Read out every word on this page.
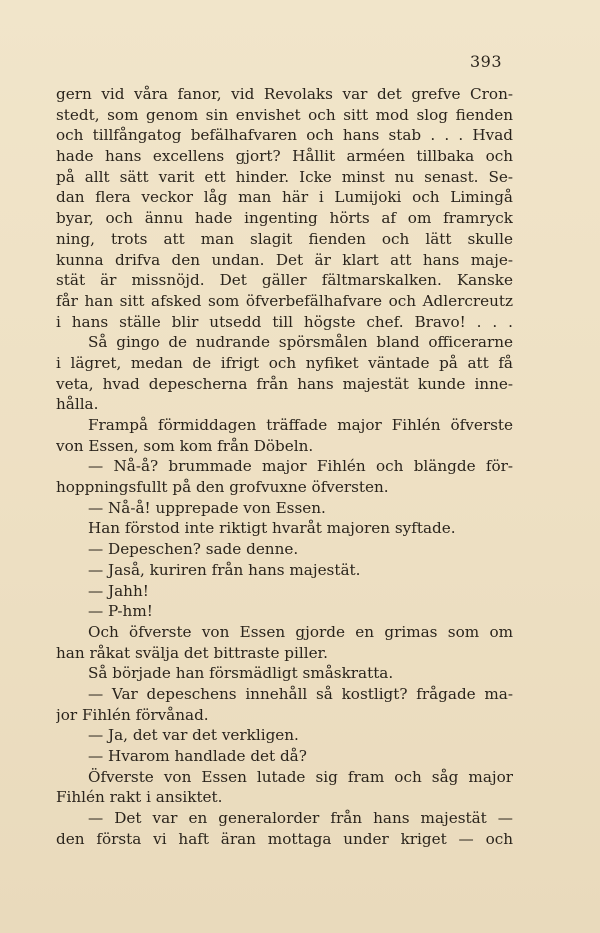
393
gern vid våra fanor, vid Revolaks var det grefve Cron-
stedt, som genom sin envishet och sitt mod slog fienden
och tillfångatog befälhafvaren och hans stab . . . Hvad
hade hans excellens gjort? Hållit arméen tillbaka och
på allt sätt varit ett hinder. Icke minst nu senast. Se-
dan flera veckor låg man här i Lumijoki och Limingå
byar, och ännu hade ingenting hörts af om framryck
ning, trots att man slagit fienden och lätt skulle
kunna drifva den undan. Det är klart att hans maje-
stät är missnöjd. Det gäller fältmarskalken. Kanske
får han sitt afsked som öfverbefälhafvare och Adlercreutz
i hans ställe blir utsedd till högste chef. Bravo! . . .
Så gingo de nudrande spörsmålen bland officerarne
i lägret, medan de ifrigt och nyfiket väntade på att få
veta, hvad depescherna från hans majestät kunde inne-
hålla.
Frampå förmiddagen träffade major Fihlén öfverste
von Essen, som kom från Döbeln.
— Nå-å? brummade major Fihlén och blängde för-
hoppningsfullt på den grofvuxne öfversten.
— Nå-å! upprepade von Essen.
Han förstod inte riktigt hvaråt majoren syftade.
— Depeschen? sade denne.
— Jaså, kuriren från hans majestät.
— Jahh!
— P-hm!
Och öfverste von Essen gjorde en grimas som om
han råkat svälja det bittraste piller.
Så började han försmädligt småskratta.
— Var depeschens innehåll så kostligt? frågade ma-
jor Fihlén förvånad.
— Ja, det var det verkligen.
— Hvarom handlade det då?
Öfverste von Essen lutade sig fram och såg major
Fihlén rakt i ansiktet.
— Det var en generalorder från hans majestät —
den första vi haft äran mottaga under kriget — och
